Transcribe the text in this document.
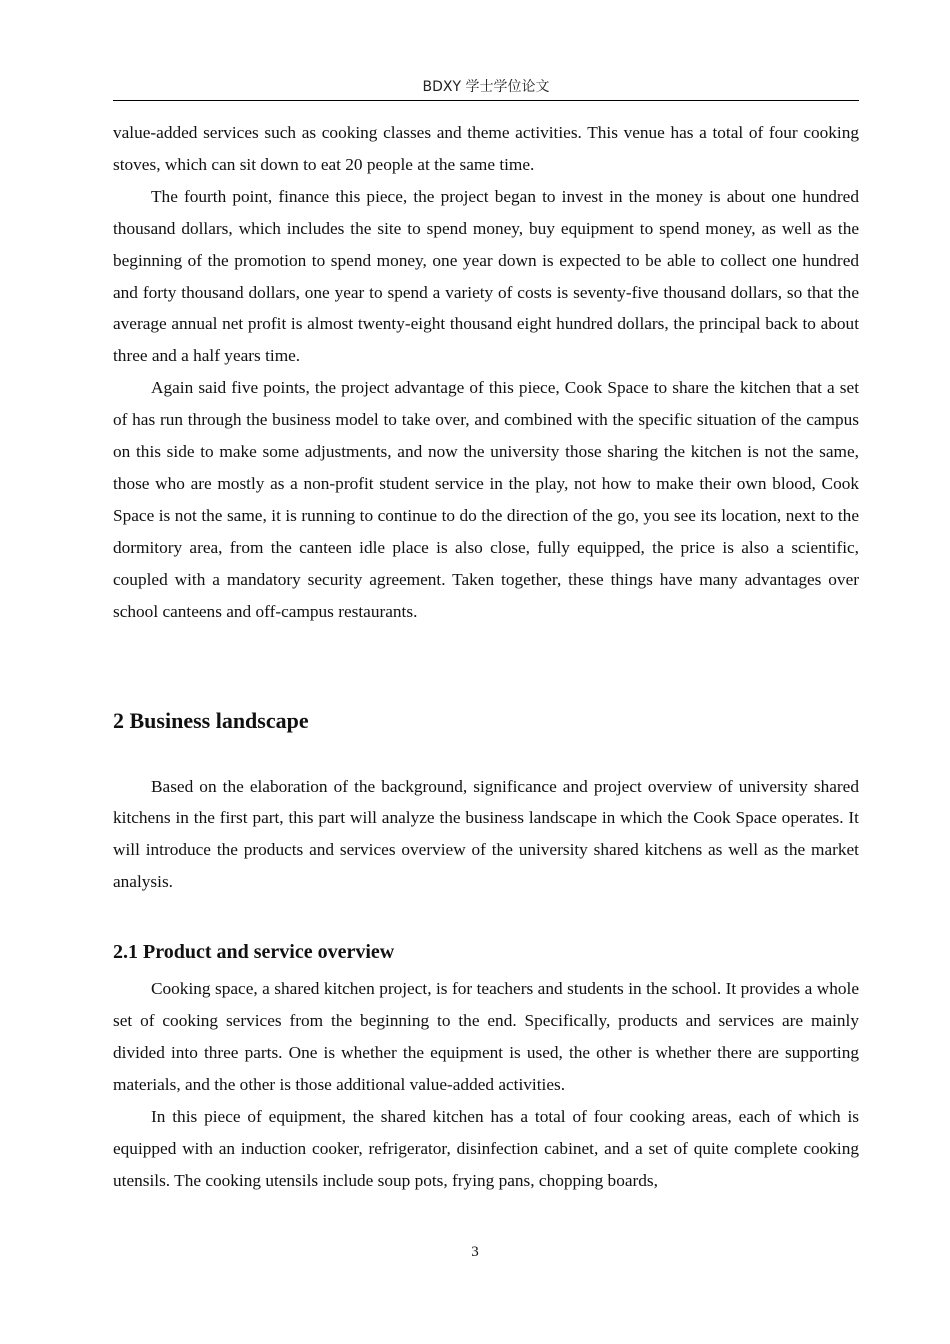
BDXY 学士学位论文

value-added services such as cooking classes and theme activities. This venue has a total of four cooking stoves, which can sit down to eat 20 people at the same time.

The fourth point, finance this piece, the project began to invest in the money is about one hundred thousand dollars, which includes the site to spend money, buy equipment to spend money, as well as the beginning of the promotion to spend money, one year down is expected to be able to collect one hundred and forty thousand dollars, one year to spend a variety of costs is seventy-five thousand dollars, so that the average annual net profit is almost twenty-eight thousand eight hundred dollars, the principal back to about three and a half years time.

Again said five points, the project advantage of this piece, Cook Space to share the kitchen that a set of has run through the business model to take over, and combined with the specific situation of the campus on this side to make some adjustments, and now the university those sharing the kitchen is not the same, those who are mostly as a non-profit student service in the play, not how to make their own blood, Cook Space is not the same, it is running to continue to do the direction of the go, you see its location, next to the dormitory area, from the canteen idle place is also close, fully equipped, the price is also a scientific, coupled with a mandatory security agreement. Taken together, these things have many advantages over school canteens and off-campus restaurants.

2 Business landscape

Based on the elaboration of the background, significance and project overview of university shared kitchens in the first part, this part will analyze the business landscape in which the Cook Space operates. It will introduce the products and services overview of the university shared kitchens as well as the market analysis.

2.1 Product and service overview

Cooking space, a shared kitchen project, is for teachers and students in the school. It provides a whole set of cooking services from the beginning to the end. Specifically, products and services are mainly divided into three parts. One is whether the equipment is used, the other is whether there are supporting materials, and the other is those additional value-added activities.

In this piece of equipment, the shared kitchen has a total of four cooking areas, each of which is equipped with an induction cooker, refrigerator, disinfection cabinet, and a set of quite complete cooking utensils. The cooking utensils include soup pots, frying pans, chopping boards,

3
